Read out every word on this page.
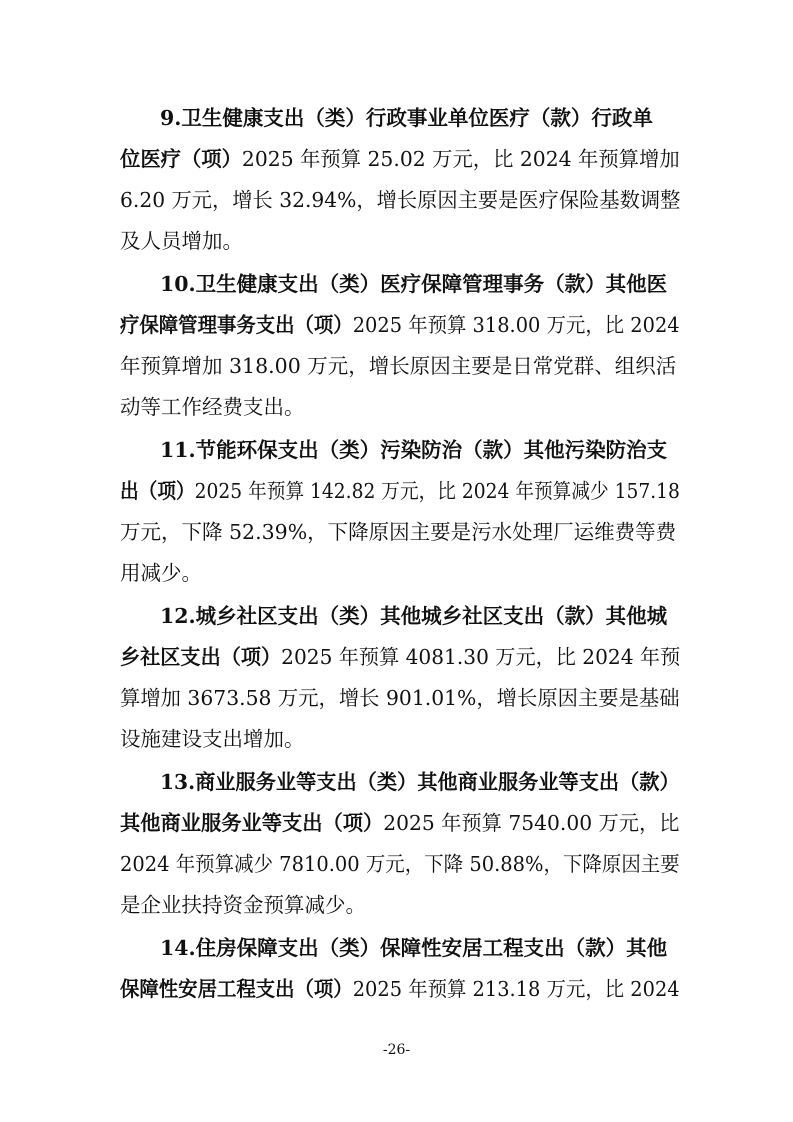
9.卫生健康支出（类）行政事业单位医疗（款）行政单
位医疗（项）2025 年预算 25.02 万元，比 2024 年预算增加
6.20 万元，增长 32.94%，增长原因主要是医疗保险基数调整
及人员增加。
10.卫生健康支出（类）医疗保障管理事务（款）其他医
疗保障管理事务支出（项）2025 年预算 318.00 万元，比 2024
年预算增加 318.00 万元，增长原因主要是日常党群、组织活
动等工作经费支出。
11.节能环保支出（类）污染防治（款）其他污染防治支
出（项）2025 年预算 142.82 万元，比 2024 年预算减少 157.18
万元，下降 52.39%，下降原因主要是污水处理厂运维费等费
用减少。
12.城乡社区支出（类）其他城乡社区支出（款）其他城
乡社区支出（项）2025 年预算 4081.30 万元，比 2024 年预
算增加 3673.58 万元，增长 901.01%，增长原因主要是基础
设施建设支出增加。
13.商业服务业等支出（类）其他商业服务业等支出（款）
其他商业服务业等支出（项）2025 年预算 7540.00 万元，比
2024 年预算减少 7810.00 万元，下降 50.88%，下降原因主要
是企业扶持资金预算减少。
14.住房保障支出（类）保障性安居工程支出（款）其他
保障性安居工程支出（项）2025 年预算 213.18 万元，比 2024
-26-
